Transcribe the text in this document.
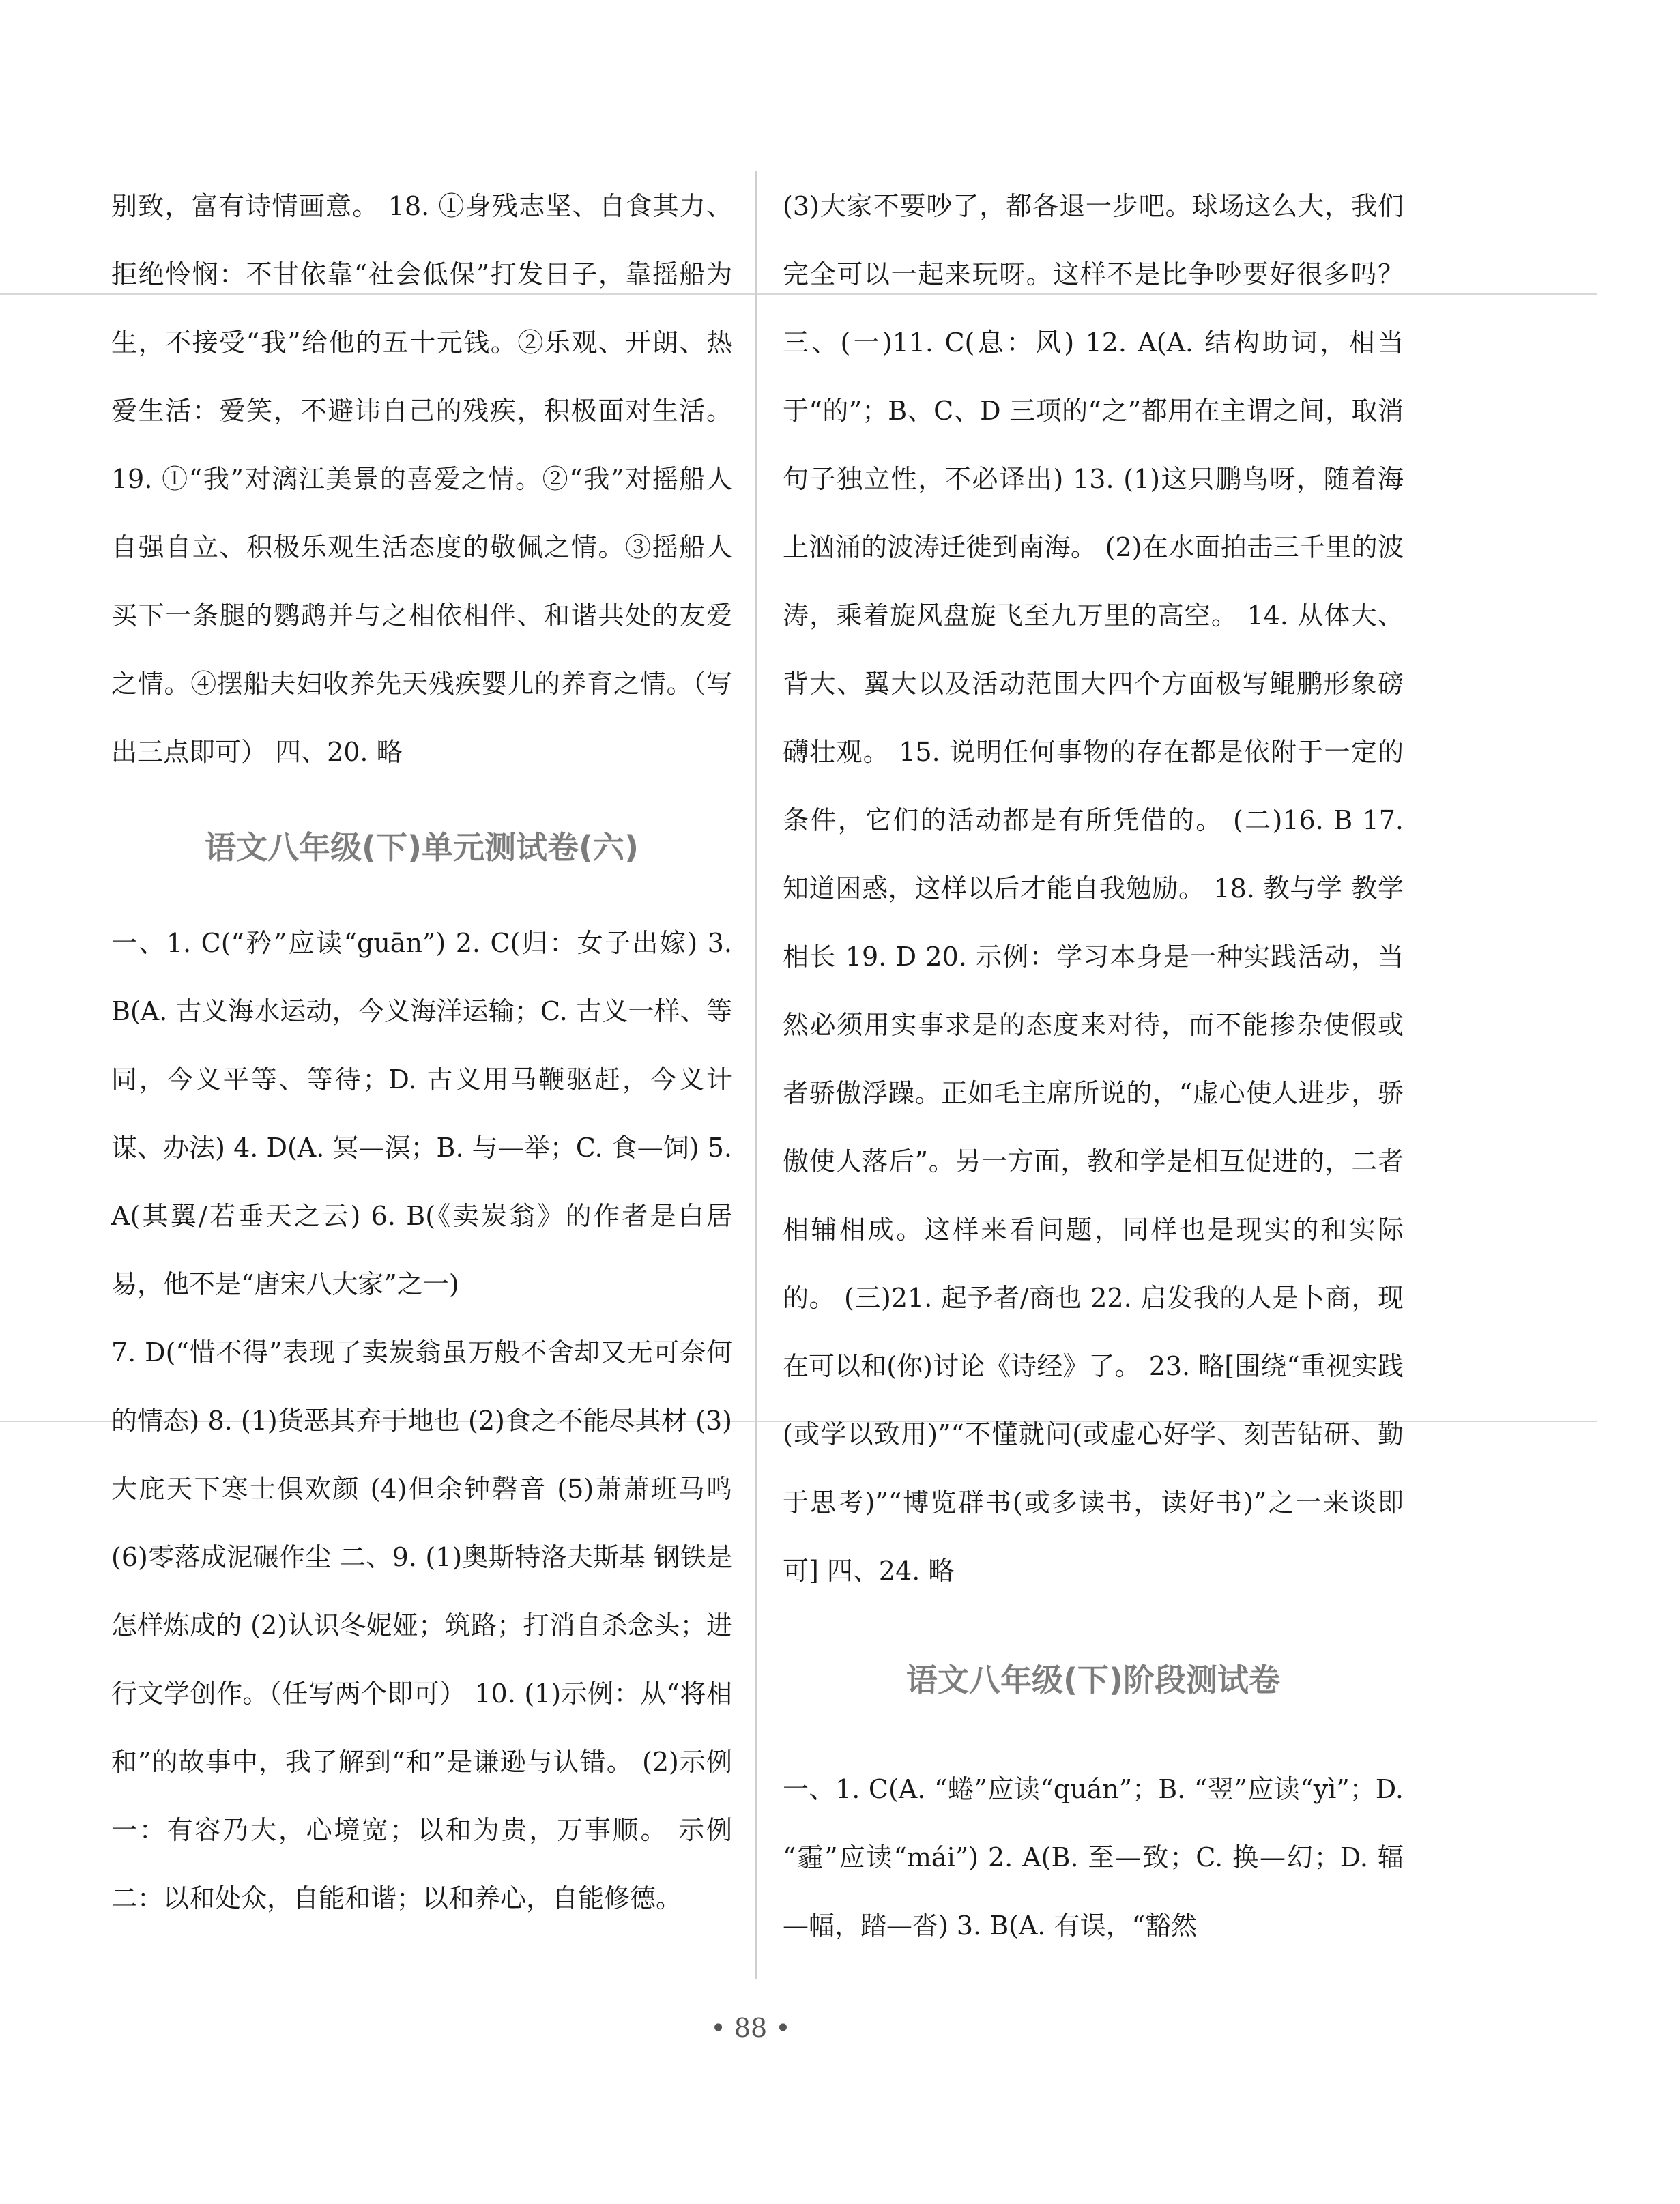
别致，富有诗情画意。 18. ①身残志坚、自食其力、拒绝怜悯：不甘依靠“社会低保”打发日子，靠摇船为生，不接受“我”给他的五十元钱。②乐观、开朗、热爱生活：爱笑，不避讳自己的残疾，积极面对生活。 19. ①“我”对漓江美景的喜爱之情。②“我”对摇船人自强自立、积极乐观生活态度的敬佩之情。③摇船人买下一条腿的鹦鹉并与之相依相伴、和谐共处的友爱之情。④摆船夫妇收养先天残疾婴儿的养育之情。（写出三点即可） 四、20. 略

语文八年级(下)单元测试卷(六)

一、1. C(“矜”应读“guān”) 2. C(归：女子出嫁) 3. B(A. 古义海水运动，今义海洋运输；C. 古义一样、等同，今义平等、等待；D. 古义用马鞭驱赶，今义计谋、办法) 4. D(A. 冥—溟；B. 与—举；C. 食—饲) 5. A(其翼/若垂天之云) 6. B(《卖炭翁》的作者是白居易，他不是“唐宋八大家”之一)

7. D(“惜不得”表现了卖炭翁虽万般不舍却又无可奈何的情态) 8. (1)货恶其弃于地也 (2)食之不能尽其材 (3)大庇天下寒士俱欢颜 (4)但余钟磬音 (5)萧萧班马鸣 (6)零落成泥碾作尘 二、9. (1)奥斯特洛夫斯基 钢铁是怎样炼成的 (2)认识冬妮娅；筑路；打消自杀念头；进行文学创作。（任写两个即可） 10. (1)示例：从“将相和”的故事中，我了解到“和”是谦逊与认错。 (2)示例一：有容乃大，心境宽；以和为贵，万事顺。 示例二：以和处众，自能和谐；以和养心，自能修德。

(3)大家不要吵了，都各退一步吧。球场这么大，我们完全可以一起来玩呀。这样不是比争吵要好很多吗？ 三、(一)11. C(息：风) 12. A(A. 结构助词，相当于“的”；B、C、D 三项的“之”都用在主谓之间，取消句子独立性，不必译出) 13. (1)这只鹏鸟呀，随着海上汹涌的波涛迁徙到南海。 (2)在水面拍击三千里的波涛，乘着旋风盘旋飞至九万里的高空。 14. 从体大、背大、翼大以及活动范围大四个方面极写鲲鹏形象磅礴壮观。 15. 说明任何事物的存在都是依附于一定的条件，它们的活动都是有所凭借的。 (二)16. B 17. 知道困惑，这样以后才能自我勉励。 18. 教与学 教学相长 19. D 20. 示例：学习本身是一种实践活动，当然必须用实事求是的态度来对待，而不能掺杂使假或者骄傲浮躁。正如毛主席所说的，“虚心使人进步，骄傲使人落后”。另一方面，教和学是相互促进的，二者相辅相成。这样来看问题，同样也是现实的和实际的。 (三)21. 起予者/商也 22. 启发我的人是卜商，现在可以和(你)讨论《诗经》了。 23. 略[围绕“重视实践(或学以致用)”“不懂就问(或虚心好学、刻苦钻研、勤于思考)”“博览群书(或多读书，读好书)”之一来谈即可] 四、24. 略

语文八年级(下)阶段测试卷

一、1. C(A. “蜷”应读“quán”；B. “翌”应读“yì”；D. “霾”应读“mái”) 2. A(B. 至—致；C. 换—幻；D. 辐—幅，踏—沓) 3. B(A. 有误，“豁然

• 88 •
